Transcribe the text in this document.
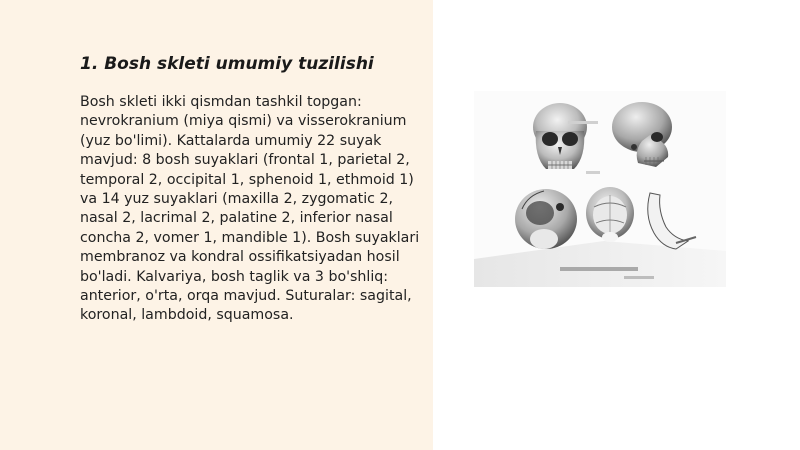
1. Bosh skleti umumiy tuzilishi

Bosh skleti ikki qismdan tashkil topgan: nevrokranium (miya qismi) va visserokranium (yuz bo'limi). Kattalarda umumiy 22 suyak mavjud: 8 bosh suyaklari (frontal 1, parietal 2, temporal 2, occipital 1, sphenoid 1, ethmoid 1) va 14 yuz suyaklari (maxilla 2, zygomatic 2, nasal 2, lacrimal 2, palatine 2, inferior nasal concha 2, vomer 1, mandible 1). Bosh suyaklari membranoz va kondral ossifikatsiyadan hosil bo'ladi. Kalvariya, bosh taglik va 3 bo'shliq: anterior, o'rta, orqa mavjud. Suturalar: sagital, koronal, lambdoid, squamosa.
